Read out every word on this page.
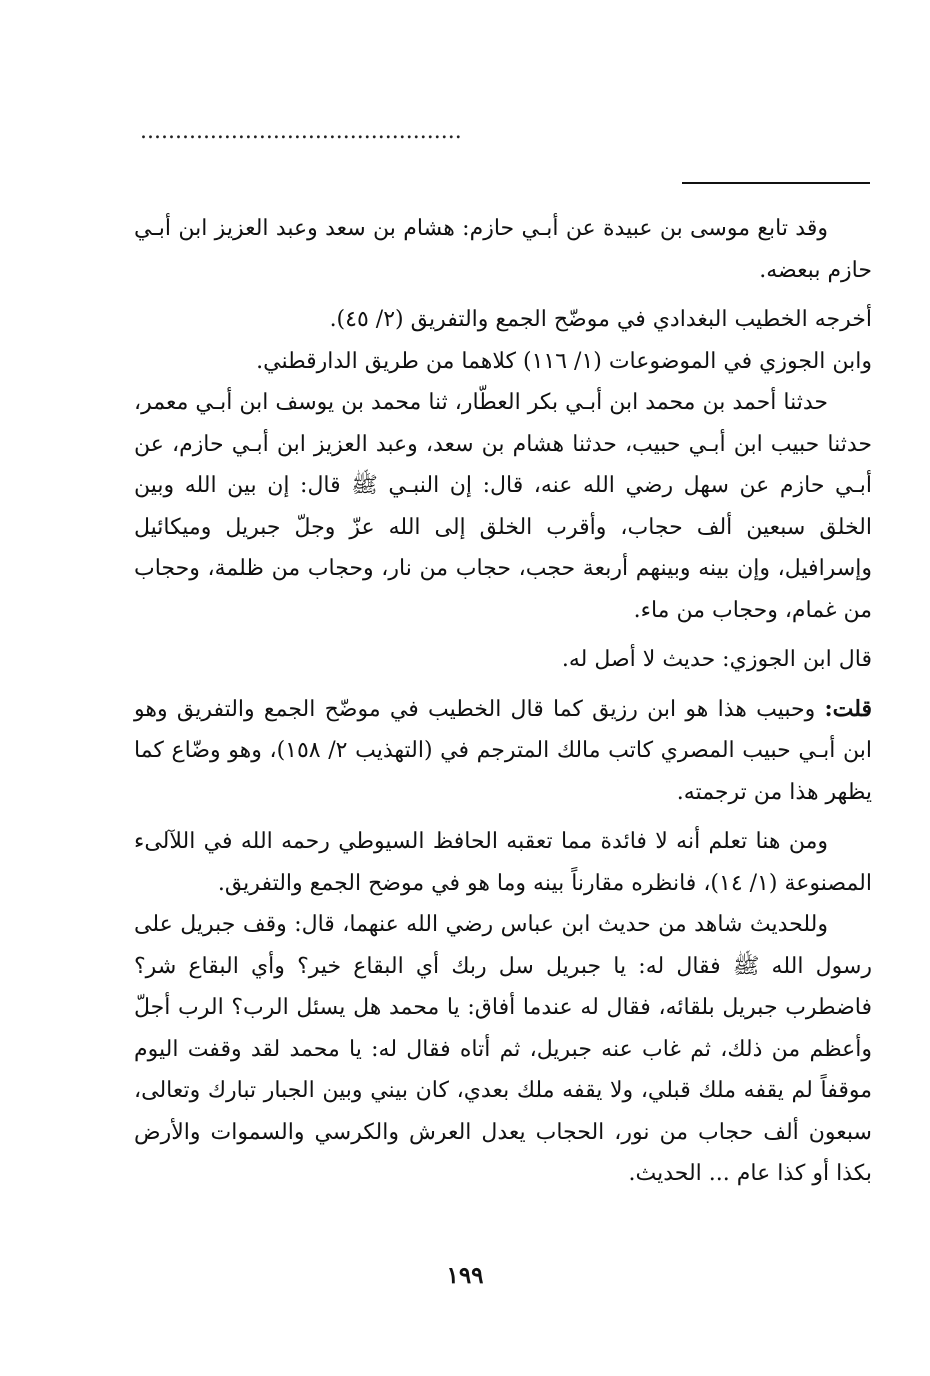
..............................................

وقد تابع موسى بن عبيدة عن أبـي حازم: هشام بن سعد وعبد العزيز ابن أبـي حازم ببعضه.

أخرجه الخطيب البغدادي في موضّح الجمع والتفريق (٢/ ٤٥).

وابن الجوزي في الموضوعات (١/ ١١٦) كلاهما من طريق الدارقطني.

حدثنا أحمد بن محمد ابن أبـي بكر العطّار، ثنا محمد بن يوسف ابن أبـي معمر، حدثنا حبيب ابن أبـي حبيب، حدثنا هشام بن سعد، وعبد العزيز ابن أبـي حازم، عن أبـي حازم عن سهل رضي الله عنه، قال: إن النبـي ﷺ قال: إن بين الله وبين الخلق سبعين ألف حجاب، وأقرب الخلق إلى الله عزّ وجلّ جبريل وميكائيل وإسرافيل، وإن بينه وبينهم أربعة حجب، حجاب من نار، وحجاب من ظلمة، وحجاب من غمام، وحجاب من ماء.

قال ابن الجوزي: حديث لا أصل له.

قلت: وحبيب هذا هو ابن رزيق كما قال الخطيب في موضّح الجمع والتفريق وهو ابن أبـي حبيب المصري كاتب مالك المترجم في (التهذيب ٢/ ١٥٨)، وهو وضّاع كما يظهر هذا من ترجمته.

ومن هنا تعلم أنه لا فائدة مما تعقبه الحافظ السيوطي رحمه الله في اللآلىء المصنوعة (١/ ١٤)، فانظره مقارناً بينه وما هو في موضح الجمع والتفريق.

وللحديث شاهد من حديث ابن عباس رضي الله عنهما، قال: وقف جبريل على رسول الله ﷺ فقال له: يا جبريل سل ربك أي البقاع خير؟ وأي البقاع شر؟ فاضطرب جبريل بلقائه، فقال له عندما أفاق: يا محمد هل يسئل الرب؟ الرب أجلّ وأعظم من ذلك، ثم غاب عنه جبريل، ثم أتاه فقال له: يا محمد لقد وقفت اليوم موقفاً لم يقفه ملك قبلي، ولا يقفه ملك بعدي، كان بيني وبين الجبار تبارك وتعالى، سبعون ألف حجاب من نور، الحجاب يعدل العرش والكرسي والسموات والأرض بكذا أو كذا عام ... الحديث.

١٩٩
